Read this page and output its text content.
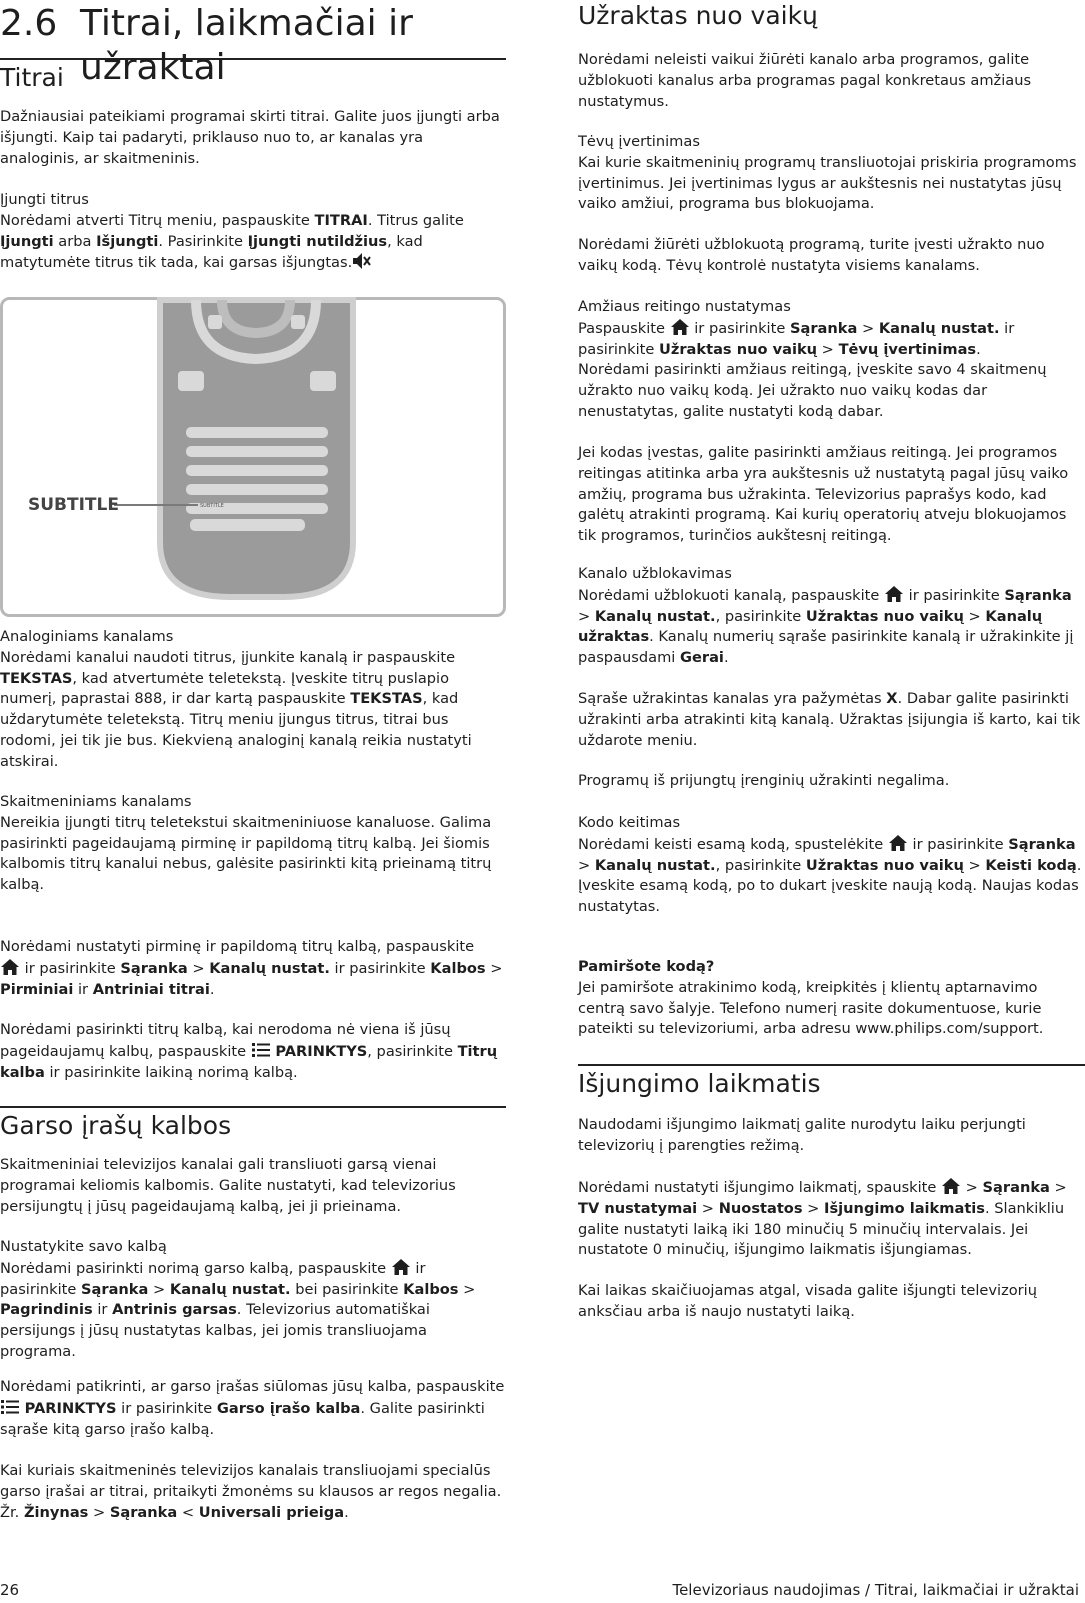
2.6 Titrai, laikmačiai ir užraktai
Titrai

Dažniausiai pateikiami programai skirti titrai. Galite juos įjungti arba išjungti. Kaip tai padaryti, priklauso nuo to, ar kanalas yra analoginis, ar skaitmeninis.

Įjungti titrus

Norėdami atverti Titrų meniu, paspauskite TITRAI. Titrus galite Įjungti arba Išjungti. Pasirinkite Įjungti nutildžius, kad matytumėte titrus tik tada, kai garsas išjungtas.

SUBTITLE
SUBTITLE

Analoginiams kanalams

Norėdami kanalui naudoti titrus, įjunkite kanalą ir paspauskite TEKSTAS, kad atvertumėte teletekstą. Įveskite titrų puslapio numerį, paprastai 888, ir dar kartą paspauskite TEKSTAS, kad uždarytumėte teletekstą. Titrų meniu įjungus titrus, titrai bus rodomi, jei tik jie bus. Kiekvieną analoginį kanalą reikia nustatyti atskirai.

Skaitmeniniams kanalams

Nereikia įjungti titrų teletekstui skaitmeniniuose kanaluose. Galima pasirinkti pageidaujamą pirminę ir papildomą titrų kalbą. Jei šiomis kalbomis titrų kanalui nebus, galėsite pasirinkti kitą prieinamą titrų kalbą.

Norėdami nustatyti pirminę ir papildomą titrų kalbą, paspauskite

ir pasirinkite Sąranka > Kanalų nustat. ir pasirinkite Kalbos > Pirminiai ir Antriniai titrai.

Norėdami pasirinkti titrų kalbą, kai nerodoma nė viena iš jūsų pageidaujamų kalbų, paspauskite
PARINKTYS, pasirinkite Titrų kalba ir pasirinkite laikiną norimą kalbą.

Garso įrašų kalbos

Skaitmeniniai televizijos kanalai gali transliuoti garsą vienai programai keliomis kalbomis. Galite nustatyti, kad televizorius persijungtų į jūsų pageidaujamą kalbą, jei ji prieinama.

Nustatykite savo kalbą

Norėdami pasirinkti norimą garso kalbą, paspauskite
ir pasirinkite Sąranka > Kanalų nustat. bei pasirinkite Kalbos > Pagrindinis ir Antrinis garsas. Televizorius automatiškai persijungs į jūsų nustatytas kalbas, jei jomis transliuojama programa.

Norėdami patikrinti, ar garso įrašas siūlomas jūsų kalba, paspauskite
PARINKTYS ir pasirinkite Garso įrašo kalba. Galite pasirinkti sąraše kitą garso įrašo kalbą.

Kai kuriais skaitmeninės televizijos kanalais transliuojami specialūs garso įrašai ar titrai, pritaikyti žmonėms su klausos ar regos negalia. Žr. Žinynas > Sąranka < Universali prieiga.

Užraktas nuo vaikų

Norėdami neleisti vaikui žiūrėti kanalo arba programos, galite užblokuoti kanalus arba programas pagal konkretaus amžiaus nustatymus.

Tėvų įvertinimas

Kai kurie skaitmeninių programų transliuotojai priskiria programoms įvertinimus. Jei įvertinimas lygus ar aukštesnis nei nustatytas jūsų vaiko amžiui, programa bus blokuojama.

Norėdami žiūrėti užblokuotą programą, turite įvesti užrakto nuo vaikų kodą. Tėvų kontrolė nustatyta visiems kanalams.

Amžiaus reitingo nustatymas

Paspauskite
ir pasirinkite Sąranka > Kanalų nustat. ir pasirinkite Užraktas nuo vaikų > Tėvų įvertinimas.
Norėdami pasirinkti amžiaus reitingą, įveskite savo 4 skaitmenų užrakto nuo vaikų kodą. Jei užrakto nuo vaikų kodas dar nenustatytas, galite nustatyti kodą dabar.

Jei kodas įvestas, galite pasirinkti amžiaus reitingą. Jei programos reitingas atitinka arba yra aukštesnis už nustatytą pagal jūsų vaiko amžių, programa bus užrakinta. Televizorius paprašys kodo, kad galėtų atrakinti programą. Kai kurių operatorių atveju blokuojamos tik programos, turinčios aukštesnį reitingą.

Kanalo užblokavimas

Norėdami užblokuoti kanalą, paspauskite
ir pasirinkite Sąranka > Kanalų nustat., pasirinkite Užraktas nuo vaikų > Kanalų užraktas. Kanalų numerių sąraše pasirinkite kanalą ir užrakinkite jį paspausdami Gerai.

Sąraše užrakintas kanalas yra pažymėtas X. Dabar galite pasirinkti užrakinti arba atrakinti kitą kanalą. Užraktas įsijungia iš karto, kai tik uždarote meniu.

Programų iš prijungtų įrenginių užrakinti negalima.

Kodo keitimas

Norėdami keisti esamą kodą, spustelėkite
ir pasirinkite Sąranka > Kanalų nustat., pasirinkite Užraktas nuo vaikų > Keisti kodą.
Įveskite esamą kodą, po to dukart įveskite naują kodą. Naujas kodas nustatytas.

Pamiršote kodą?

Jei pamiršote atrakinimo kodą, kreipkitės į klientų aptarnavimo centrą savo šalyje. Telefono numerį rasite dokumentuose, kurie pateikti su televizoriumi, arba adresu www.philips.com/support.

Išjungimo laikmatis

Naudodami išjungimo laikmatį galite nurodytu laiku perjungti televizorių į parengties režimą.

Norėdami nustatyti išjungimo laikmatį, spauskite
> Sąranka > TV nustatymai > Nuostatos > Išjungimo laikmatis. Slankikliu galite nustatyti laiką iki 180 minučių 5 minučių intervalais. Jei nustatote 0 minučių, išjungimo laikmatis išjungiamas.

Kai laikas skaičiuojamas atgal, visada galite išjungti televizorių anksčiau arba iš naujo nustatyti laiką.

26	Televizoriaus naudojimas / Titrai, laikmačiai ir užraktai
